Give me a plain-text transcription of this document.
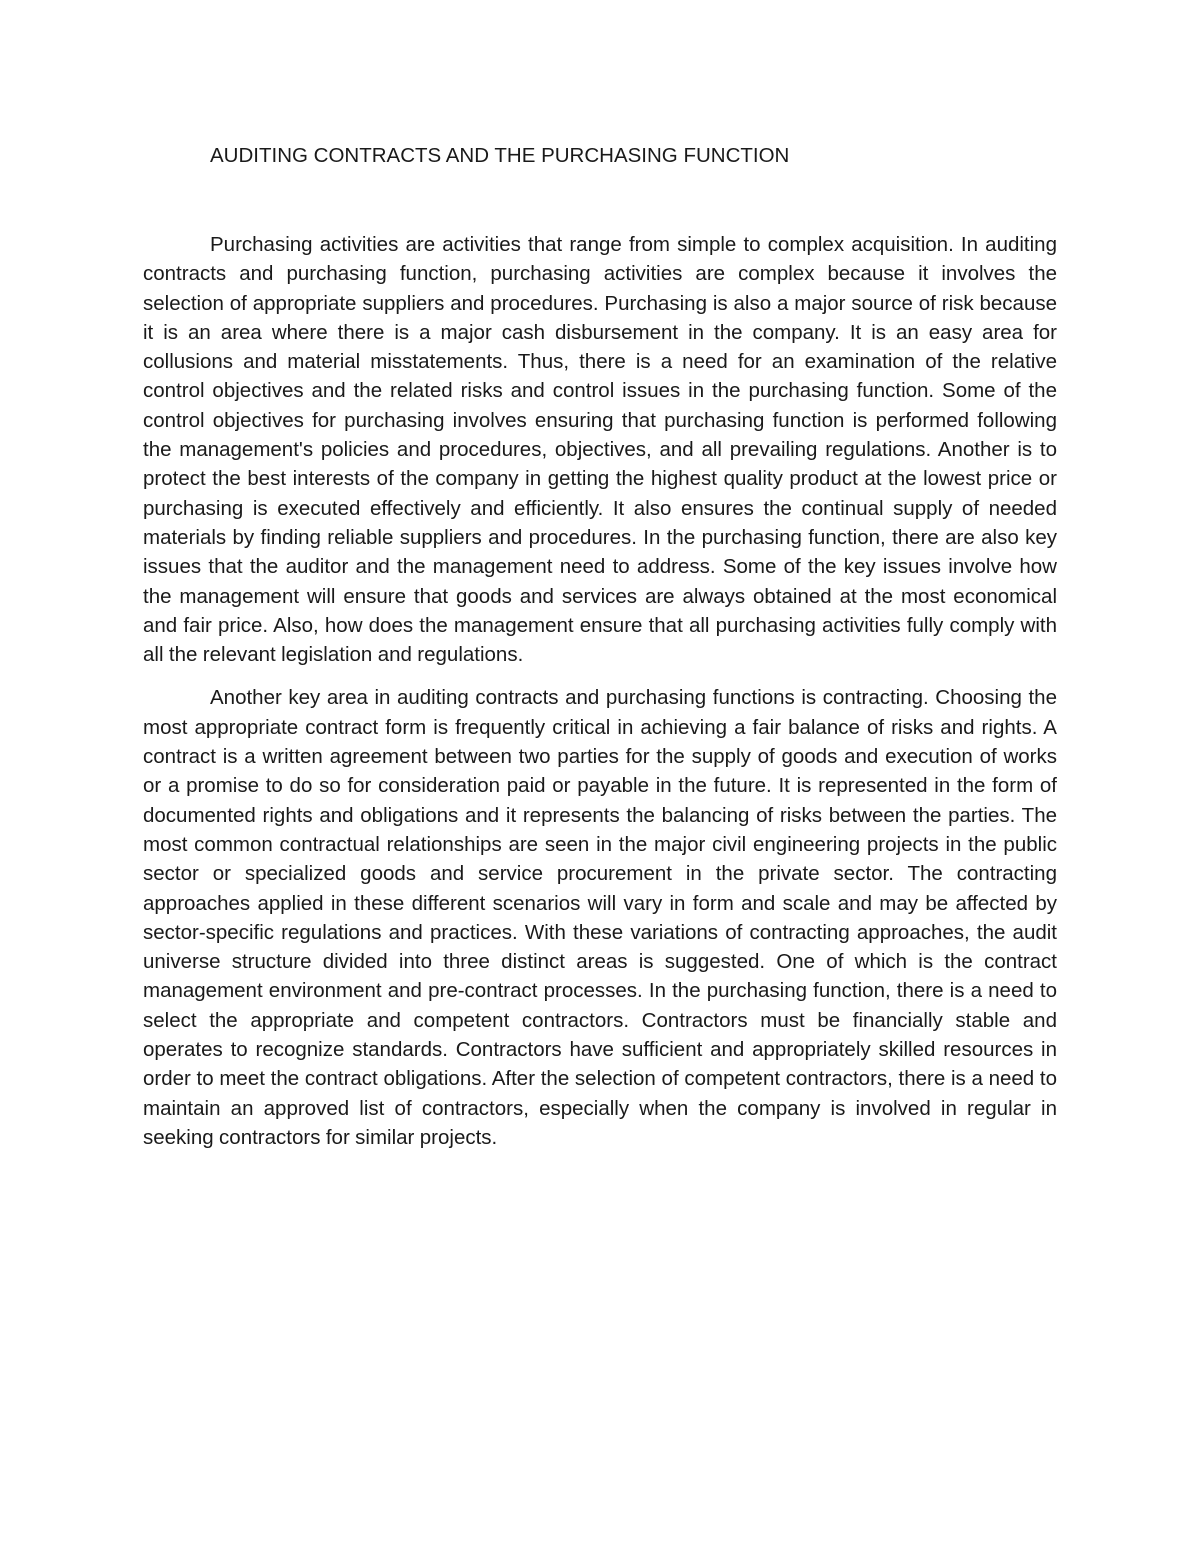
AUDITING CONTRACTS AND THE PURCHASING FUNCTION

Purchasing activities are activities that range from simple to complex acquisition. In auditing contracts and purchasing function, purchasing activities are complex because it involves the selection of appropriate suppliers and procedures. Purchasing is also a major source of risk because it is an area where there is a major cash disbursement in the company. It is an easy area for collusions and material misstatements. Thus, there is a need for an examination of the relative control objectives and the related risks and control issues in the purchasing function. Some of the control objectives for purchasing involves ensuring that purchasing function is performed following the management's policies and procedures, objectives, and all prevailing regulations. Another is to protect the best interests of the company in getting the highest quality product at the lowest price or purchasing is executed effectively and efficiently. It also ensures the continual supply of needed materials by finding reliable suppliers and procedures. In the purchasing function, there are also key issues that the auditor and the management need to address. Some of the key issues involve how the management will ensure that goods and services are always obtained at the most economical and fair price. Also, how does the management ensure that all purchasing activities fully comply with all the relevant legislation and regulations.

Another key area in auditing contracts and purchasing functions is contracting. Choosing the most appropriate contract form is frequently critical in achieving a fair balance of risks and rights. A contract is a written agreement between two parties for the supply of goods and execution of works or a promise to do so for consideration paid or payable in the future. It is represented in the form of documented rights and obligations and it represents the balancing of risks between the parties. The most common contractual relationships are seen in the major civil engineering projects in the public sector or specialized goods and service procurement in the private sector. The contracting approaches applied in these different scenarios will vary in form and scale and may be affected by sector-specific regulations and practices. With these variations of contracting approaches, the audit universe structure divided into three distinct areas is suggested. One of which is the contract management environment and pre-contract processes. In the purchasing function, there is a need to select the appropriate and competent contractors. Contractors must be financially stable and operates to recognize standards. Contractors have sufficient and appropriately skilled resources in order to meet the contract obligations. After the selection of competent contractors, there is a need to maintain an approved list of contractors, especially when the company is involved in regular in seeking contractors for similar projects.
